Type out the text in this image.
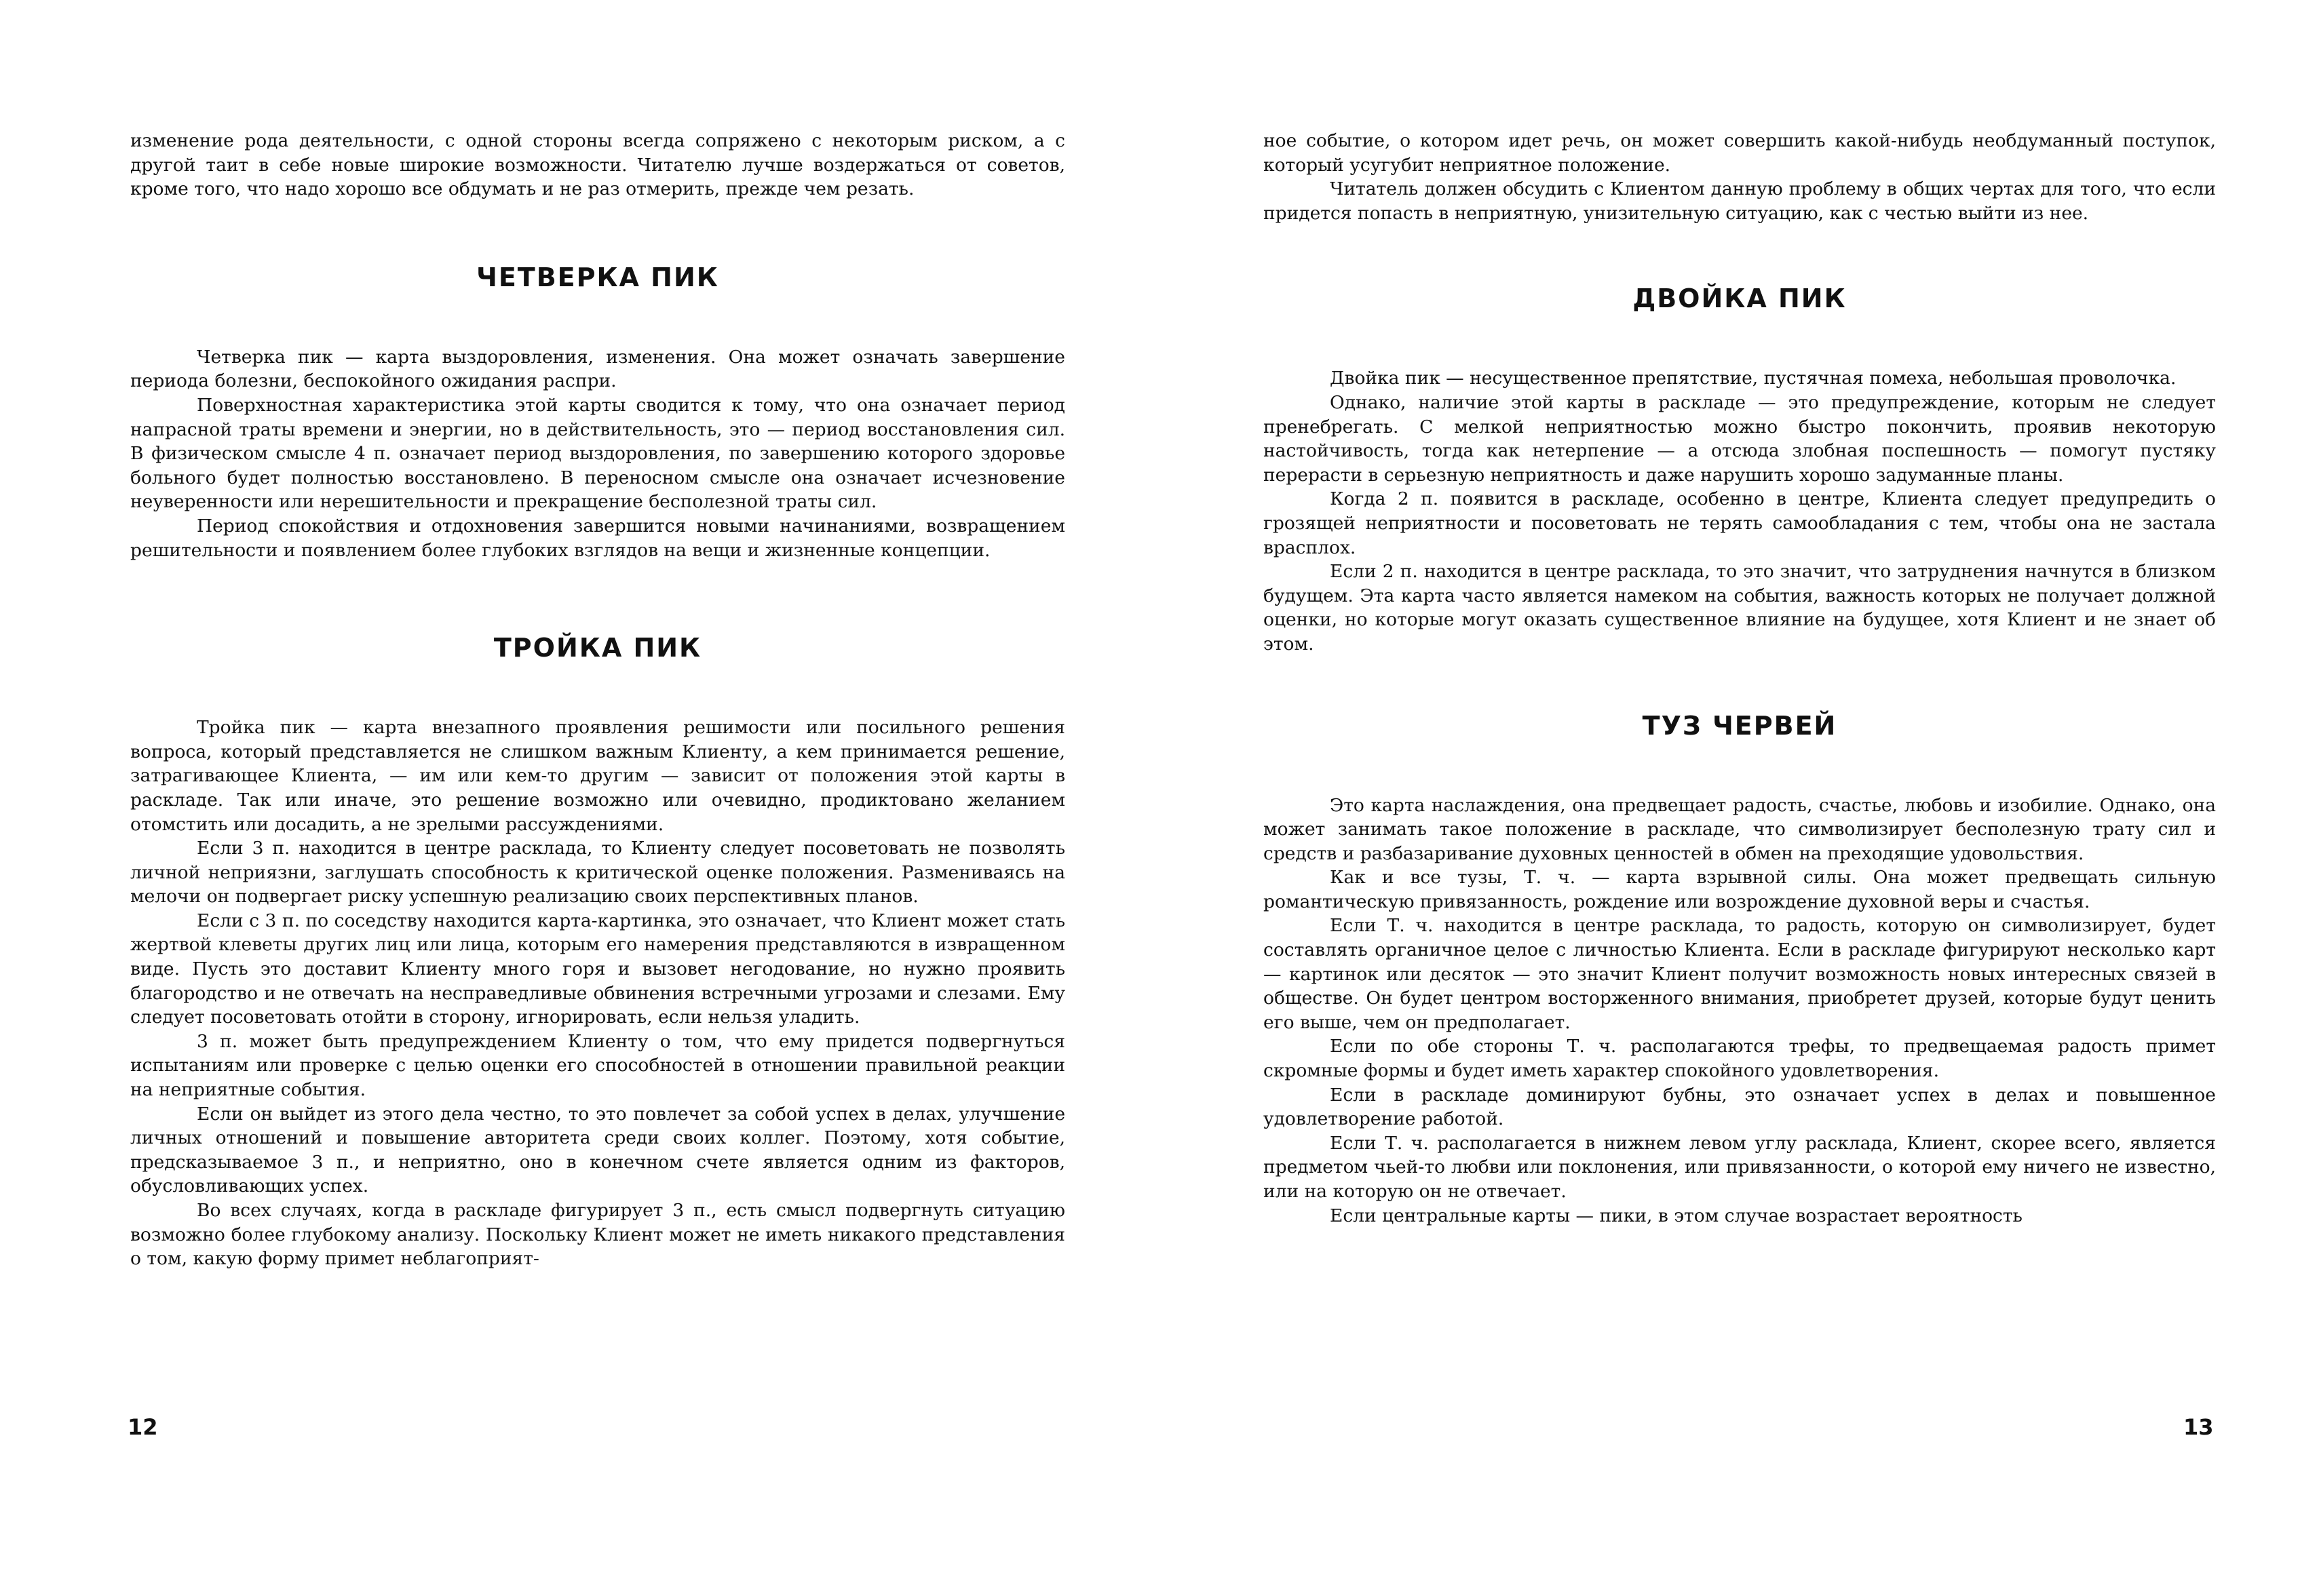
изменение рода деятельности, с одной стороны всегда сопряжено с некоторым риском, а с другой таит в себе новые широкие возможности. Читателю лучше воздержаться от советов, кроме того, что надо хорошо все обдумать и не раз отмерить, прежде чем резать.

ЧЕТВЕРКА ПИК

Четверка пик — карта выздоровления, изменения. Она может означать завершение периода болезни, беспокойного ожидания распри.

Поверхностная характеристика этой карты сводится к тому, что она означает период напрасной траты времени и энергии, но в действительность, это — период восстановления сил. В физическом смысле 4 п. означает период выздоровления, по завершению которого здоровье больного будет полностью восстановлено. В переносном смысле она означает исчезновение неуверенности или нерешительности и прекращение бесполезной траты сил.

Период спокойствия и отдохновения завершится новыми начинаниями, возвращением решительности и появлением более глубоких взглядов на вещи и жизненные концепции.

ТРОЙКА ПИК

Тройка пик — карта внезапного проявления решимости или посильного решения вопроса, который представляется не слишком важным Клиенту, а кем принимается решение, затрагивающее Клиента, — им или кем-то другим — зависит от положения этой карты в раскладе. Так или иначе, это решение возможно или очевидно, продиктовано желанием отомстить или досадить, а не зрелыми рассуждениями.

Если 3 п. находится в центре расклада, то Клиенту следует посоветовать не позволять личной неприязни, заглушать способность к критической оценке положения. Размениваясь на мелочи он подвергает риску успешную реализацию своих перспективных планов.

Если с 3 п. по соседству находится карта-картинка, это означает, что Клиент может стать жертвой клеветы других лиц или лица, которым его намерения представляются в извращенном виде. Пусть это доставит Клиенту много горя и вызовет негодование, но нужно проявить благородство и не отвечать на несправедливые обвинения встречными угрозами и слезами. Ему следует посоветовать отойти в сторону, игнорировать, если нельзя уладить.

3 п. может быть предупреждением Клиенту о том, что ему придется подвергнуться испытаниям или проверке с целью оценки его способностей в отношении правильной реакции на неприятные события.

Если он выйдет из этого дела честно, то это повлечет за собой успех в делах, улучшение личных отношений и повышение авторитета среди своих коллег. Поэтому, хотя событие, предсказываемое 3 п., и неприятно, оно в конечном счете является одним из факторов, обусловливающих успех.

Во всех случаях, когда в раскладе фигурирует 3 п., есть смысл подвергнуть ситуацию возможно более глубокому анализу. Поскольку Клиент может не иметь никакого представления о том, какую форму примет неблагоприят-

12

ное событие, о котором идет речь, он может совершить какой-нибудь необдуманный поступок, который усугубит неприятное положение.

Читатель должен обсудить с Клиентом данную проблему в общих чертах для того, что если придется попасть в неприятную, унизительную ситуацию, как с честью выйти из нее.

ДВОЙКА ПИК

Двойка пик — несущественное препятствие, пустячная помеха, небольшая проволочка.

Однако, наличие этой карты в раскладе — это предупреждение, которым не следует пренебрегать. С мелкой неприятностью можно быстро покончить, проявив некоторую настойчивость, тогда как нетерпение — а отсюда злобная поспешность — помогут пустяку перерасти в серьезную неприятность и даже нарушить хорошо задуманные планы.

Когда 2 п. появится в раскладе, особенно в центре, Клиента следует предупредить о грозящей неприятности и посоветовать не терять самообладания с тем, чтобы она не застала врасплох.

Если 2 п. находится в центре расклада, то это значит, что затруднения начнутся в близком будущем. Эта карта часто является намеком на события, важность которых не получает должной оценки, но которые могут оказать существенное влияние на будущее, хотя Клиент и не знает об этом.

ТУЗ ЧЕРВЕЙ

Это карта наслаждения, она предвещает радость, счастье, любовь и изобилие. Однако, она может занимать такое положение в раскладе, что символизирует бесполезную трату сил и средств и разбазаривание духовных ценностей в обмен на преходящие удовольствия.

Как и все тузы, Т. ч. — карта взрывной силы. Она может предвещать сильную романтическую привязанность, рождение или возрождение духовной веры и счастья.

Если Т. ч. находится в центре расклада, то радость, которую он символизирует, будет составлять органичное целое с личностью Клиента. Если в раскладе фигурируют несколько карт — картинок или десяток — это значит Клиент получит возможность новых интересных связей в обществе. Он будет центром восторженного внимания, приобретет друзей, которые будут ценить его выше, чем он предполагает.

Если по обе стороны Т. ч. располагаются трефы, то предвещаемая радость примет скромные формы и будет иметь характер спокойного удовлетворения.

Если в раскладе доминируют бубны, это означает успех в делах и повышенное удовлетворение работой.

Если Т. ч. располагается в нижнем левом углу расклада, Клиент, скорее всего, является предметом чьей-то любви или поклонения, или привязанности, о которой ему ничего не известно, или на которую он не отвечает.

Если центральные карты — пики, в этом случае возрастает вероятность

13
